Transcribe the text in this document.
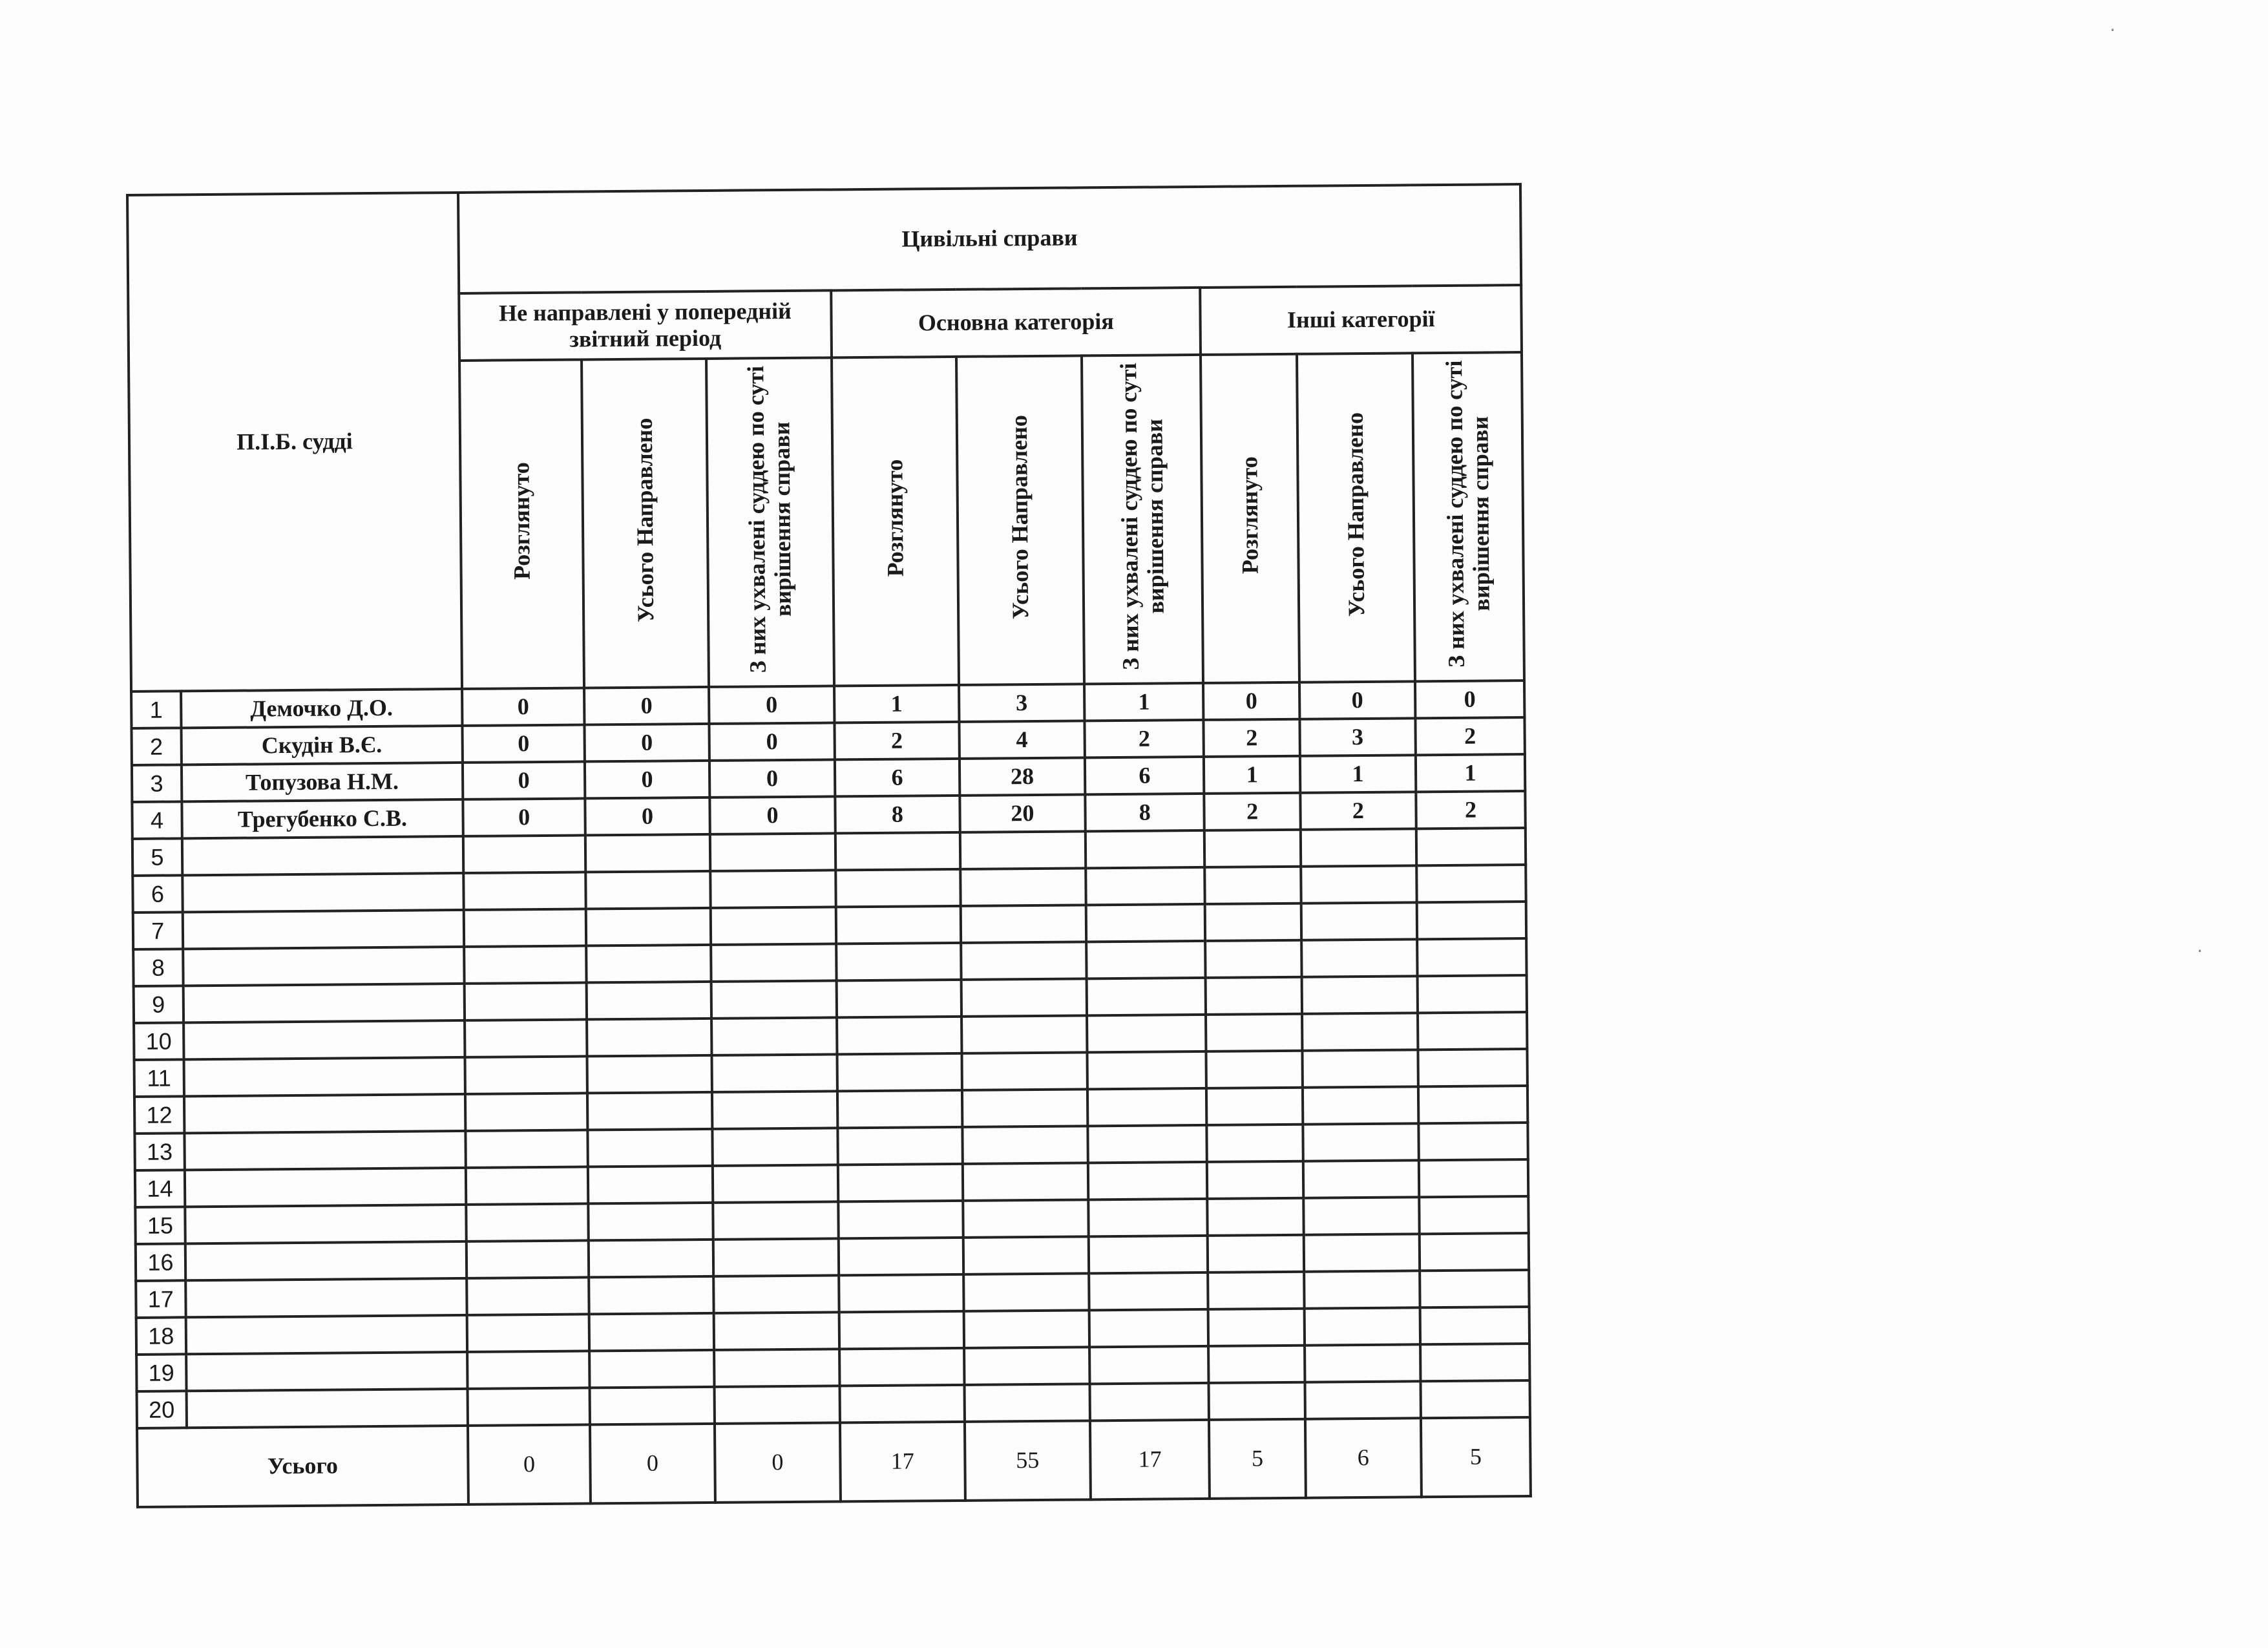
П.І.Б. судді		Цивільні справи								
		Не направлені у попередній звітний період			Основна категорія			Інші категорії		
		Розглянуто	Усього Направлено	З них ухвалені суддею по суті вирішення справи	Розглянуто	Усього Направлено	З них ухвалені суддею по суті вирішення справи	Розглянуто	Усього Направлено	З них ухвалені суддею по суті вирішення справи
1	Демочко Д.О.	0	0	0	1	3	1	0	0	0
2	Скудін В.Є.	0	0	0	2	4	2	2	3	2
3	Топузова Н.М.	0	0	0	6	28	6	1	1	1
4	Трегубенко С.В.	0	0	0	8	20	8	2	2	2
5										
6										
7										
8										
9										
10										
11										
12										
13										
14										
15										
16										
17										
18										
19										
20										
Усього		0	0	0	17	55	17	5	6	5
·
·
